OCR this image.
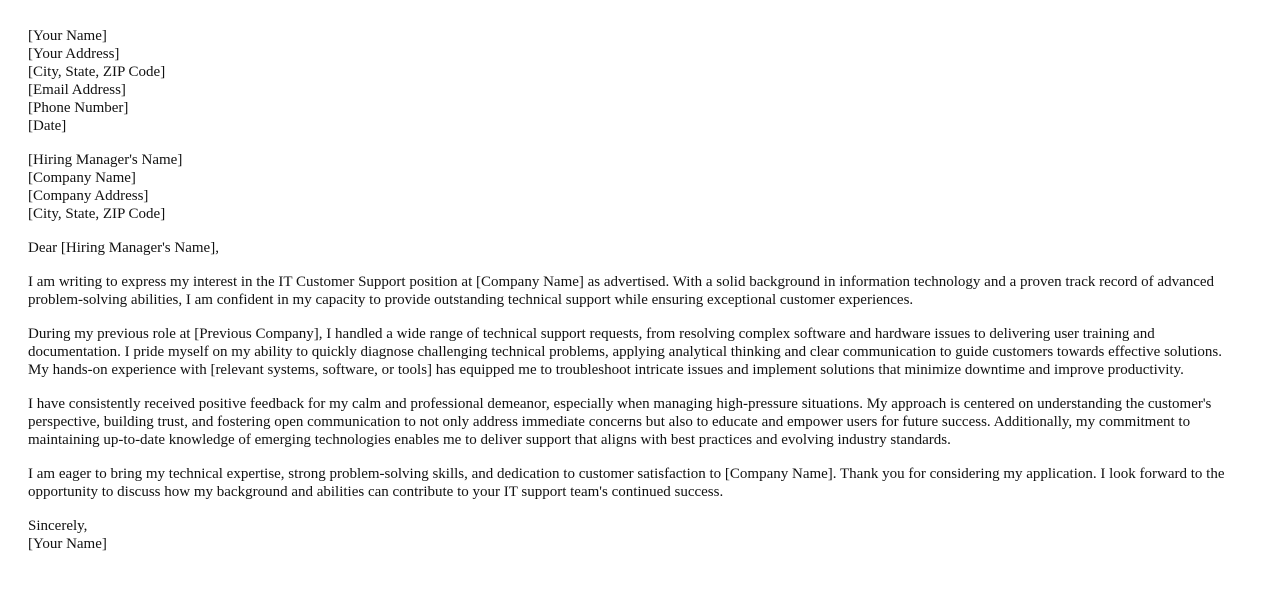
[Your Name]
[Your Address]
[City, State, ZIP Code]
[Email Address]
[Phone Number]
[Date]
[Hiring Manager's Name]
[Company Name]
[Company Address]
[City, State, ZIP Code]

Dear [Hiring Manager's Name],

I am writing to express my interest in the IT Customer Support position at [Company Name] as advertised. With a solid background in information technology and a proven track record of advanced problem-solving abilities, I am confident in my capacity to provide outstanding technical support while ensuring exceptional customer experiences.

During my previous role at [Previous Company], I handled a wide range of technical support requests, from resolving complex software and hardware issues to delivering user training and documentation. I pride myself on my ability to quickly diagnose challenging technical problems, applying analytical thinking and clear communication to guide customers towards effective solutions. My hands-on experience with [relevant systems, software, or tools] has equipped me to troubleshoot intricate issues and implement solutions that minimize downtime and improve productivity.

I have consistently received positive feedback for my calm and professional demeanor, especially when managing high-pressure situations. My approach is centered on understanding the customer's perspective, building trust, and fostering open communication to not only address immediate concerns but also to educate and empower users for future success. Additionally, my commitment to maintaining up-to-date knowledge of emerging technologies enables me to deliver support that aligns with best practices and evolving industry standards.

I am eager to bring my technical expertise, strong problem-solving skills, and dedication to customer satisfaction to [Company Name]. Thank you for considering my application. I look forward to the opportunity to discuss how my background and abilities can contribute to your IT support team's continued success.

Sincerely,
[Your Name]
